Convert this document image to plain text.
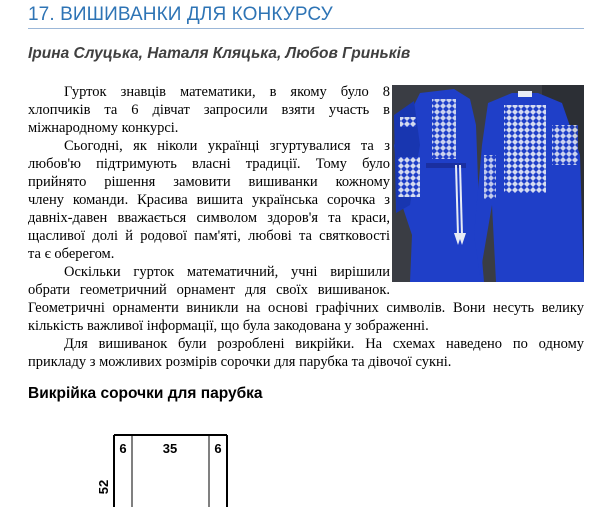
17. ВИШИВАНКИ ДЛЯ КОНКУРСУ

Ірина Слуцька, Наталя Кляцька, Любов Гриньків

Гурток знавців математики, в якому було 8
хлопчиків та 6 дівчат запросили взяти участь в
міжнародному конкурсі.
Сьогодні, як ніколи українці згуртувалися та з
любов'ю підтримують власні традиції. Тому було
прийнято рішення замовити вишиванки кожному
члену команди. Красива вишита українська сорочка з
давніх-давен вважається символом здоров'я та краси,
щасливої долі й родової пам'яті, любові та святковості
та є оберегом.
Оскільки гурток математичний, учні вирішили
обрати геометричний орнамент для своїх вишиванок.
Геометричні орнаменти виникли на основі графічних символів. Вони несуть велику
кількість важливої інформації, що була закодована у зображенні.
Для вишиванок були розроблені викрійки. На схемах наведено по одному
прикладу з можливих розмірів сорочки для парубка та дівочої сукні.
Викрійка сорочки для парубка
6	35	6
52
